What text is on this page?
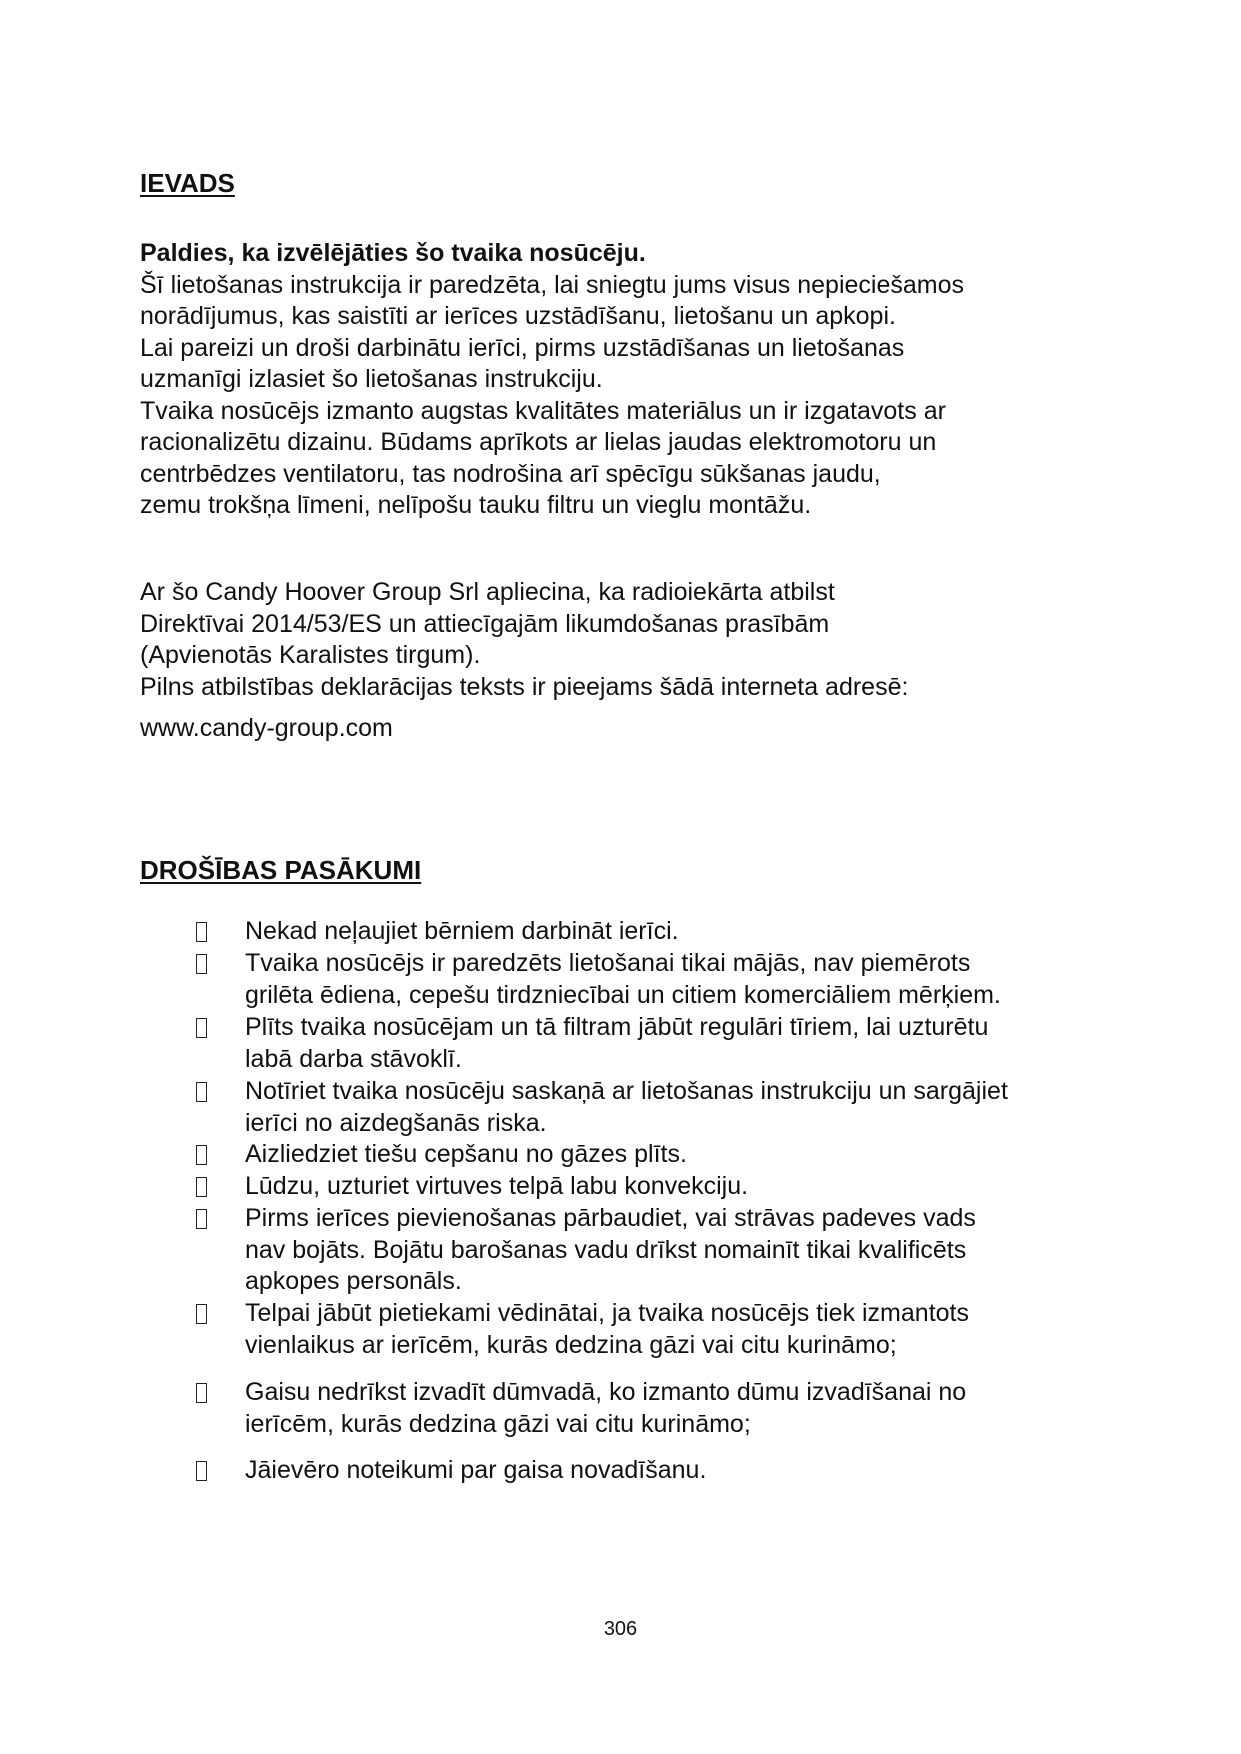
IEVADS
Paldies, ka izvēlējāties šo tvaika nosūcēju.
Šī lietošanas instrukcija ir paredzēta, lai sniegtu jums visus nepieciešamos
norādījumus, kas saistīti ar ierīces uzstādīšanu, lietošanu un apkopi.
Lai pareizi un droši darbinātu ierīci, pirms uzstādīšanas un lietošanas
uzmanīgi izlasiet šo lietošanas instrukciju.
Tvaika nosūcējs izmanto augstas kvalitātes materiālus un ir izgatavots ar
racionalizētu dizainu. Būdams aprīkots ar lielas jaudas elektromotoru un
centrbēdzes ventilatoru, tas nodrošina arī spēcīgu sūkšanas jaudu,
zemu trokšņa līmeni, nelīpošu tauku filtru un vieglu montāžu.
Ar šo Candy Hoover Group Srl apliecina, ka radioiekārta atbilst
Direktīvai 2014/53/ES un attiecīgajām likumdošanas prasībām
(Apvienotās Karalistes tirgum).
Pilns atbilstības deklarācijas teksts ir pieejams šādā interneta adresē:
www.candy-group.com
DROŠĪBAS PASĀKUMI
Nekad neļaujiet bērniem darbināt ierīci.
Tvaika nosūcējs ir paredzēts lietošanai tikai mājās, nav piemērots
grilēta ēdiena, cepešu tirdzniecībai un citiem komerciāliem mērķiem.
Plīts tvaika nosūcējam un tā filtram jābūt regulāri tīriem, lai uzturētu
labā darba stāvoklī.
Notīriet tvaika nosūcēju saskaņā ar lietošanas instrukciju un sargājiet
ierīci no aizdegšanās riska.
Aizliedziet tiešu cepšanu no gāzes plīts.
Lūdzu, uzturiet virtuves telpā labu konvekciju.
Pirms ierīces pievienošanas pārbaudiet, vai strāvas padeves vads
nav bojāts. Bojātu barošanas vadu drīkst nomainīt tikai kvalificēts
apkopes personāls.
Telpai jābūt pietiekami vēdinātai, ja tvaika nosūcējs tiek izmantots
vienlaikus ar ierīcēm, kurās dedzina gāzi vai citu kurināmo;
Gaisu nedrīkst izvadīt dūmvadā, ko izmanto dūmu izvadīšanai no
ierīcēm, kurās dedzina gāzi vai citu kurināmo;
Jāievēro noteikumi par gaisa novadīšanu.
306
